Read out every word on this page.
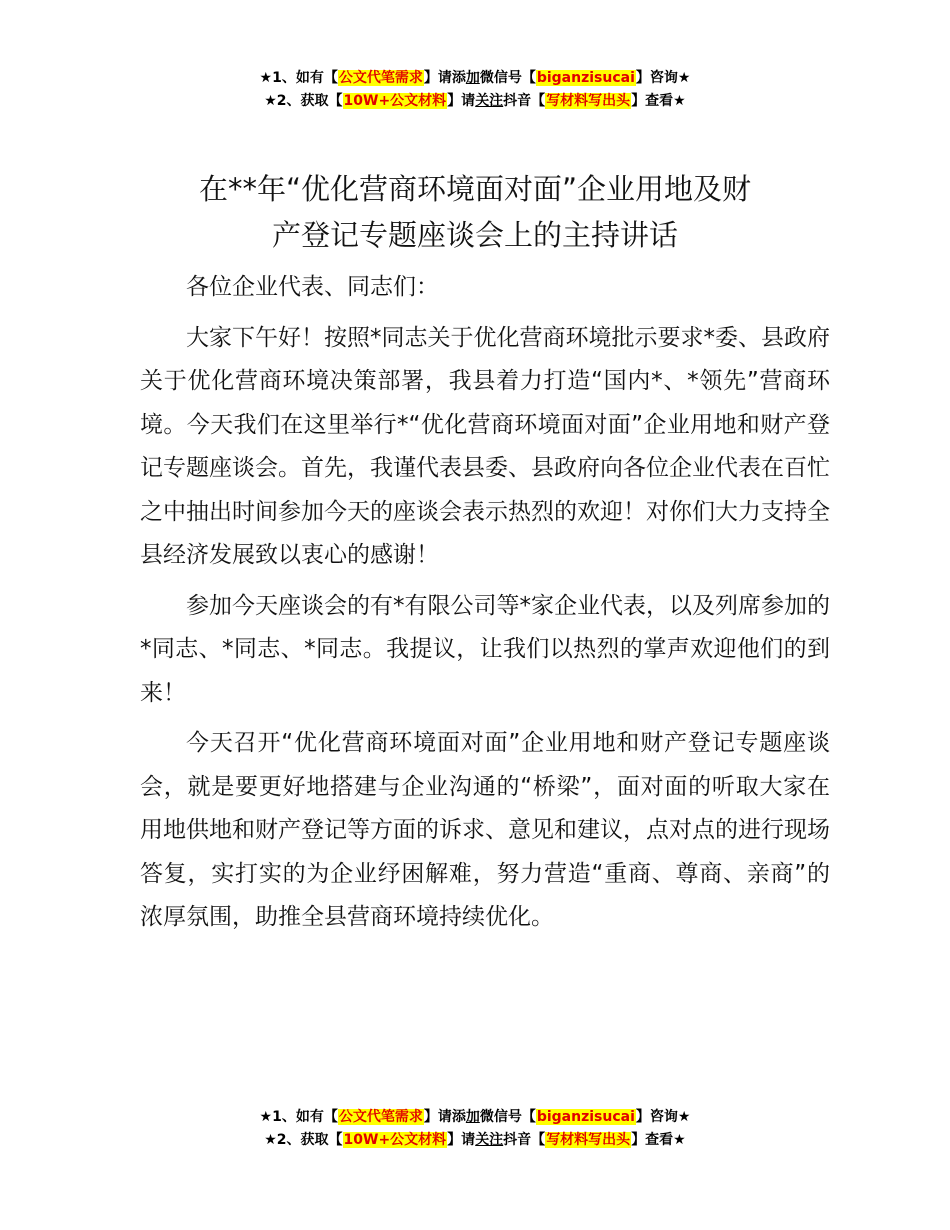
★1、如有【公文代笔需求】请添加微信号【biganzisucai】咨询★
★2、获取【10W+公文材料】请关注抖音【写材料写出头】查看★
在**年“优化营商环境面对面”企业用地及财
产登记专题座谈会上的主持讲话

各位企业代表、同志们：

大家下午好！按照*同志关于优化营商环境批示要求*委、县政府关于优化营商环境决策部署，我县着力打造“国内*、*领先”营商环境。今天我们在这里举行*“优化营商环境面对面”企业用地和财产登记专题座谈会。首先，我谨代表县委、县政府向各位企业代表在百忙之中抽出时间参加今天的座谈会表示热烈的欢迎！对你们大力支持全县经济发展致以衷心的感谢！

参加今天座谈会的有*有限公司等*家企业代表，以及列席参加的*同志、*同志、*同志。我提议，让我们以热烈的掌声欢迎他们的到来！

今天召开“优化营商环境面对面”企业用地和财产登记专题座谈会，就是要更好地搭建与企业沟通的“桥梁”，面对面的听取大家在用地供地和财产登记等方面的诉求、意见和建议，点对点的进行现场答复，实打实的为企业纾困解难，努力营造“重商、尊商、亲商”的浓厚氛围，助推全县营商环境持续优化。

★1、如有【公文代笔需求】请添加微信号【biganzisucai】咨询★
★2、获取【10W+公文材料】请关注抖音【写材料写出头】查看★
